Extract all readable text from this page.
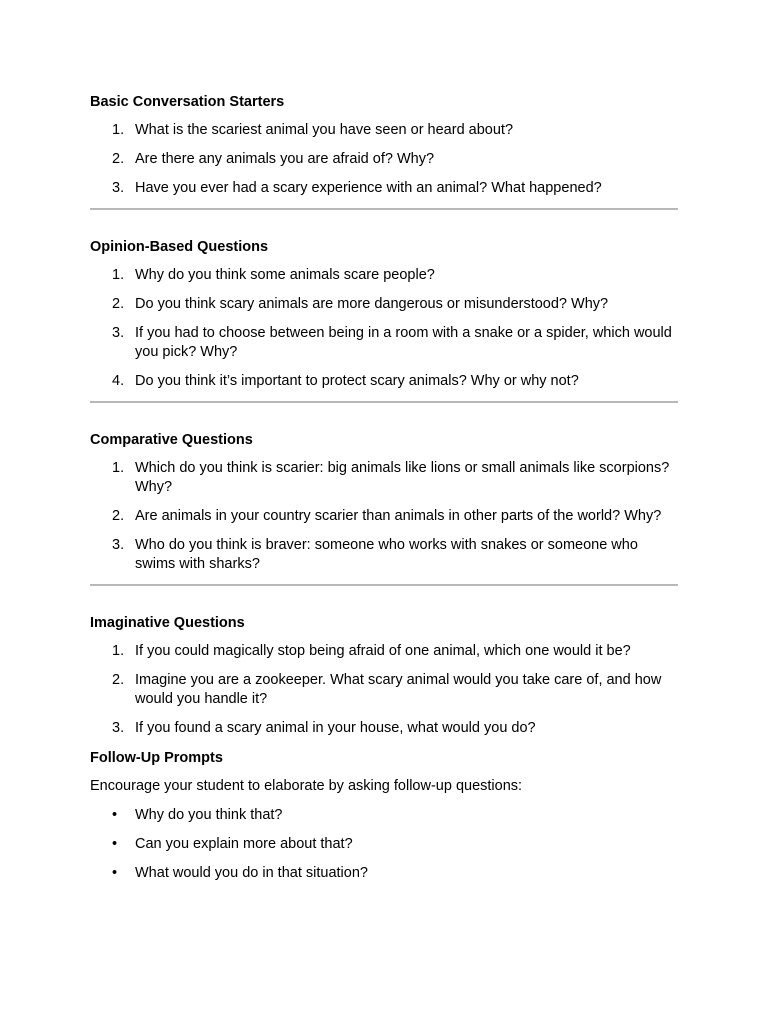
Basic Conversation Starters
1. What is the scariest animal you have seen or heard about?
2. Are there any animals you are afraid of? Why?
3. Have you ever had a scary experience with an animal? What happened?
Opinion-Based Questions
1. Why do you think some animals scare people?
2. Do you think scary animals are more dangerous or misunderstood? Why?
3. If you had to choose between being in a room with a snake or a spider, which would you pick? Why?
4. Do you think it’s important to protect scary animals? Why or why not?
Comparative Questions
1. Which do you think is scarier: big animals like lions or small animals like scorpions? Why?
2. Are animals in your country scarier than animals in other parts of the world? Why?
3. Who do you think is braver: someone who works with snakes or someone who swims with sharks?
Imaginative Questions
1. If you could magically stop being afraid of one animal, which one would it be?
2. Imagine you are a zookeeper. What scary animal would you take care of, and how would you handle it?
3. If you found a scary animal in your house, what would you do?
Follow-Up Prompts

Encourage your student to elaborate by asking follow-up questions:

• Why do you think that?
• Can you explain more about that?
• What would you do in that situation?
